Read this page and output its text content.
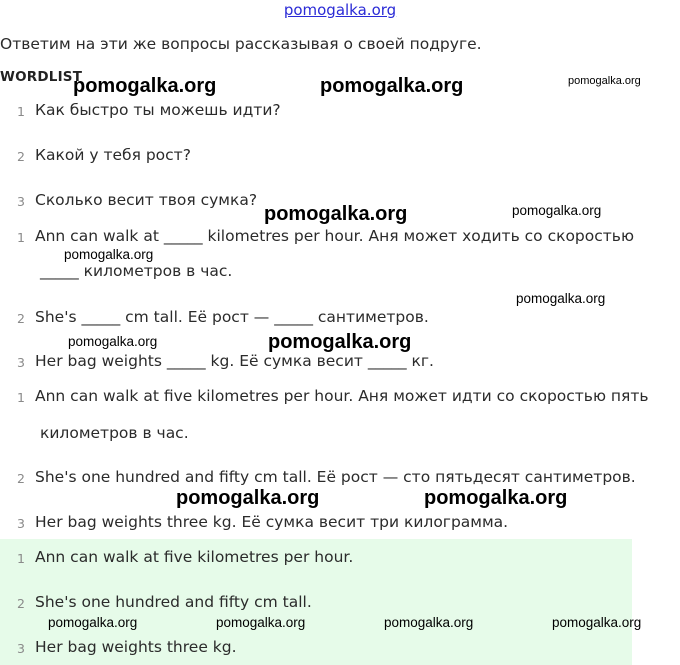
pomogalka.org
Ответим на эти же вопросы рассказывая о своей подруге.
WORDLIST
1 Как быстро ты можешь идти?
2 Какой у тебя рост?
3 Сколько весит твоя сумка?
1 Ann can walk at _____ kilometres per hour. Аня может ходить со скоростью
_____ километров в час.
2 She's _____ cm tall. Её рост — _____ сантиметров.
3 Her bag weights _____ kg. Её сумка весит _____ кг.
1 Ann can walk at five kilometres per hour. Аня может идти со скоростью пять
километров в час.
2 She's one hundred and fifty cm tall. Её рост — сто пятьдесят сантиметров.
3 Her bag weights three kg. Её сумка весит три килограмма.
1 Ann can walk at five kilometres per hour.
2 She's one hundred and fifty cm tall.
3 Her bag weights three kg.
pomogalka.org	pomogalka.org	pomogalka.org
pomogalka.org	pomogalka.org
pomogalka.org
pomogalka.org
pomogalka.org	pomogalka.org
pomogalka.org	pomogalka.org
pomogalka.org	pomogalka.org	pomogalka.org	pomogalka.org
